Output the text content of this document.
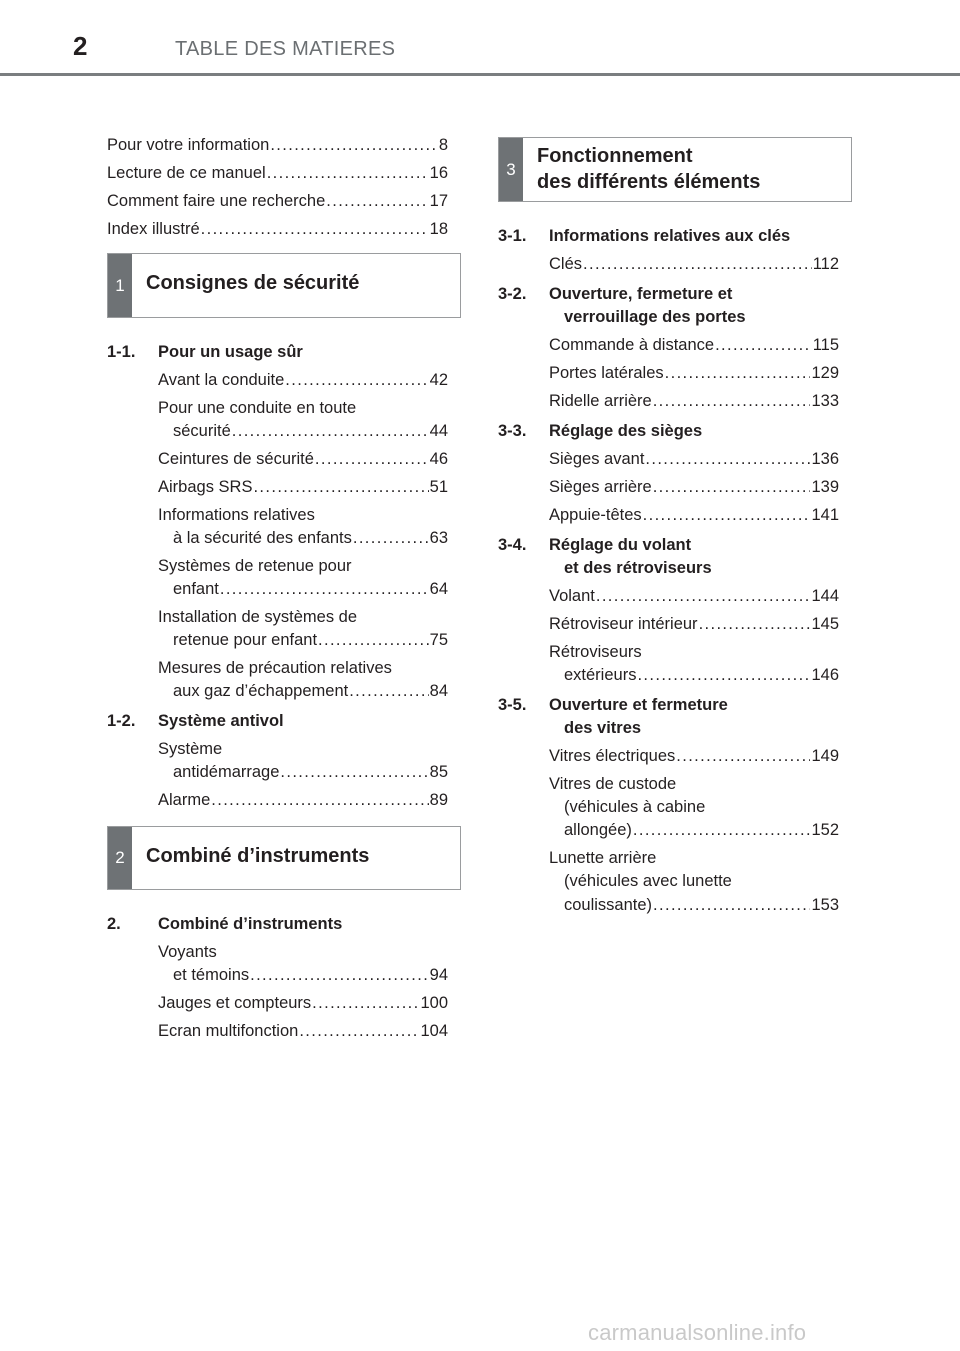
2	TABLE DES MATIERES
Pour votre information . . .	8
Lecture de ce manuel . . .	16
Comment faire une recherche . . .	17
Index illustré . . .	18
1	Consignes de sécurité
1-1. Pour un usage sûr
Avant la conduite . . .	42
Pour une conduite en toute
sécurité . . .	44
Ceintures de sécurité . . .	46
Airbags SRS . . .	51
Informations relatives
à la sécurité des enfants . . .	63
Systèmes de retenue pour
enfant . . .	64
Installation de systèmes de
retenue pour enfant . . .	75
Mesures de précaution relatives
aux gaz d’échappement . . .	84
1-2. Système antivol
Système
antidémarrage . . .	85
Alarme . . .	89
2	Combiné d’instruments
2. Combiné d’instruments
Voyants
et témoins . . .	94
Jauges et compteurs . . .	100
Ecran multifonction . . .	104
3
Fonctionnement
des différents éléments
3-1. Informations relatives aux clés
Clés . . .	112
3-2. Ouverture, fermeture et
verrouillage des portes
Commande à distance . . .	115
Portes latérales . . .	129
Ridelle arrière . . .	133
3-3. Réglage des sièges
Sièges avant . . .	136
Sièges arrière . . .	139
Appuie-têtes . . .	141
3-4. Réglage du volant
et des rétroviseurs
Volant . . .	144
Rétroviseur intérieur . . .	145
Rétroviseurs
extérieurs . . .	146
3-5. Ouverture et fermeture
des vitres
Vitres électriques . . .	149
Vitres de custode
(véhicules à cabine
allongée) . . .	152
Lunette arrière
(véhicules avec lunette
coulissante) . . .	153
carmanualsonline.info
